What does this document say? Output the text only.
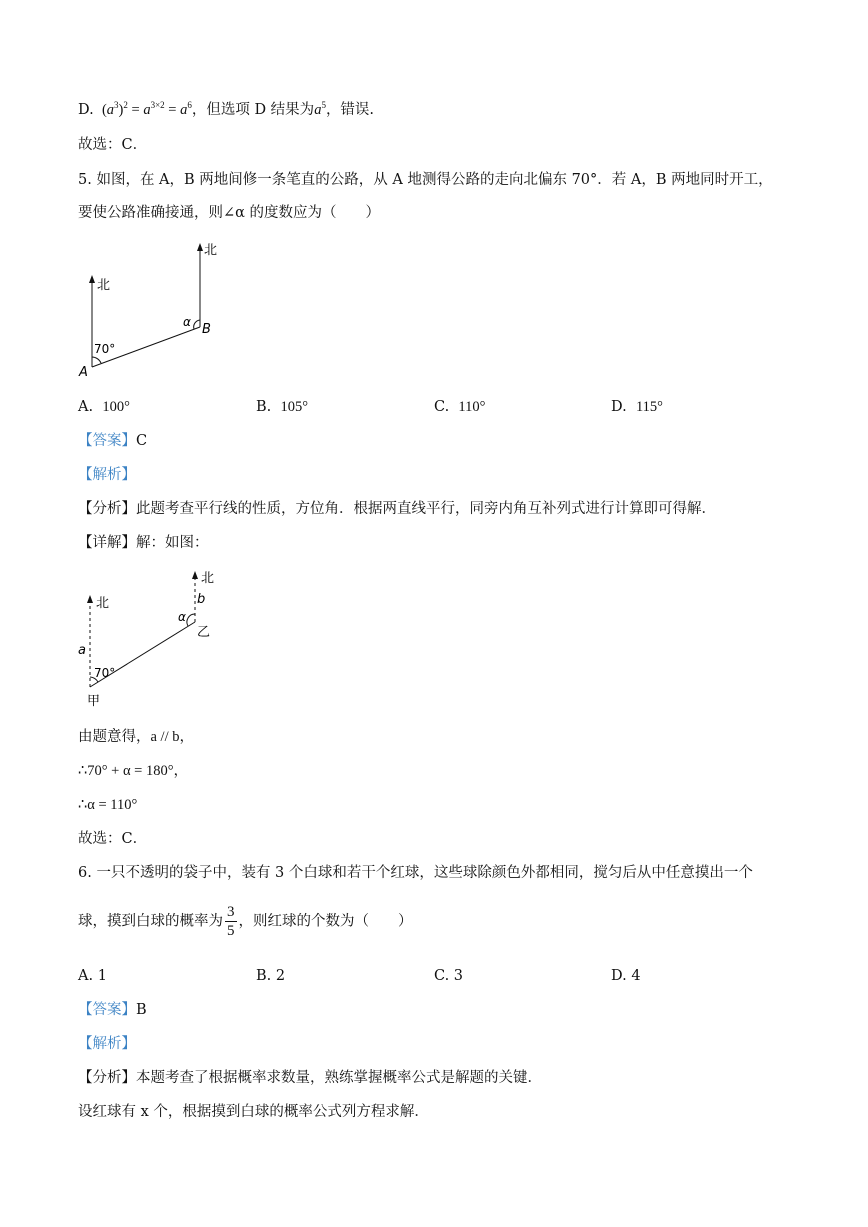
D.  $(a^3)^2 = a^{3\times 2} = a^6$，但选项 D 结果为$a^5$，错误.
故选：C．
5. 如图，在 A，B 两地间修一条笔直的公路，从 A 地测得公路的走向北偏东 70°．若 A，B 两地同时开工，
要使公路准确接通，则∠α 的度数应为（　　）
北
北
70°
A
B
α
A. 100°	B. 105°	C. 110°	D. 115°
【答案】C
【解析】
【分析】此题考查平行线的性质，方位角．根据两直线平行，同旁内角互补列式进行计算即可得解．
【详解】解：如图：
北
北
70°
a
b
α
甲
乙
由题意得，a // b，
∴70° + α = 180°，
∴α = 110°
故选：C．
6. 一只不透明的袋子中，装有 3 个白球和若干个红球，这些球除颜色外都相同，搅匀后从中任意摸出一个
球，摸到白球的概率为 $\frac{3}{5}$ ，则红球的个数为（　　）
A. 1	B. 2	C. 3	D. 4
【答案】B
【解析】
【分析】本题考查了根据概率求数量，熟练掌握概率公式是解题的关键．
设红球有 x 个，根据摸到白球的概率公式列方程求解．
